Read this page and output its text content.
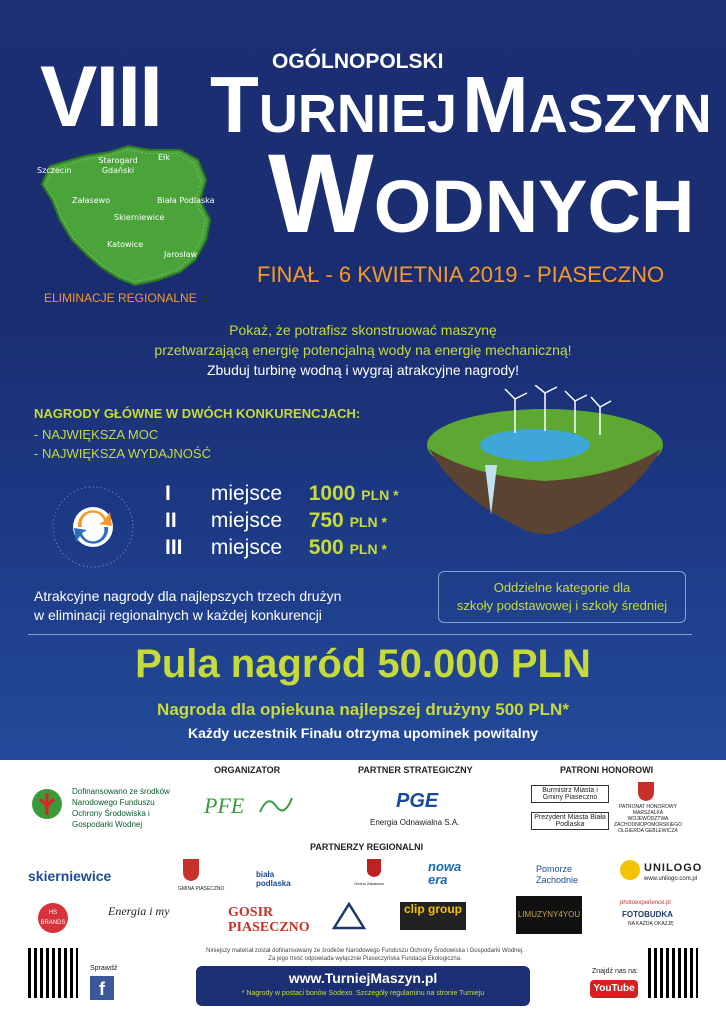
VIII	OGÓLNOPOLSKI
TURNIEJ MASZYN
WODNYCH
Szczecin
Starogard Gdański
Ełk
Załasewo	Biała Podlaska
Skierniewice
Katowice
Jarosław
ELIMINACJE REGIONALNE
FINAŁ - 6 KWIETNIA 2019 - PIASECZNO
Pokaż, że potrafisz skonstruować maszynę
przetwarzającą energię potencjalną wody na energię mechaniczną!
Zbuduj turbinę wodną i wygraj atrakcyjne nagrody!
NAGRODY GŁÓWNE W DWÓCH KONKURENCJACH:
- NAJWIĘKSZA MOC
- NAJWIĘKSZA WYDAJNOŚĆ
I miejsce 1000 PLN *
II miejsce 750 PLN *
III miejsce 500 PLN *
Atrakcyjne nagrody dla najlepszych trzech drużyn
w eliminacji regionalnych w każdej konkurencji
Oddzielne kategorie dla
szkoły podstawowej i szkoły średniej
Pula nagród 50.000 PLN
Nagroda dla opiekuna najlepszej drużyny 500 PLN*
Każdy uczestnik Finału otrzyma upominek powitalny
Dofinansowano ze środków Narodowego Funduszu Ochrony Środowiska i Gospodarki Wodnej
ORGANIZATOR
PFE
PARTNER STRATEGICZNY
PGE
Energia Odnawialna S.A.
PATRONI HONOROWI
Burmistrz Miasta i Gminy Piaseczno
Prezydent Miasta Biała Podlaska
PATRONAT HONOROWY MARSZAŁKA WOJEWÓDZTWA ZACHODNIOPOMORSKIEGO OLGIERDA GEBLEWICZA
PARTNERZY REGIONALNI
skierniewice
GMINA PIASECZNO
biała podlaska	Gmina Załasewo
nowa era
Pomorze Zachodnie
UNILOGO
www.unilogo.com.pl
HS BRANDS
Energia i my	GOSIR PIASECZNO
clip group	LIMUZYNY4YOU
photoexperience.pl
FOTOBUDKA
NA KAŻDĄ OKAZJĘ
Sprawdź
f
Niniejszy materiał został dofinansowany ze środków Narodowego Funduszu Ochrony Środowiska i Gospodarki Wodnej.
Za jego treść odpowiada wyłącznie Piaseczyńska Fundacja Ekologiczna.
www.TurniejMaszyn.pl
* Nagrody w postaci bonów Sodexo. Szczegóły regulaminu na stronie Turnieju
Znajdź nas na:
YouTube
